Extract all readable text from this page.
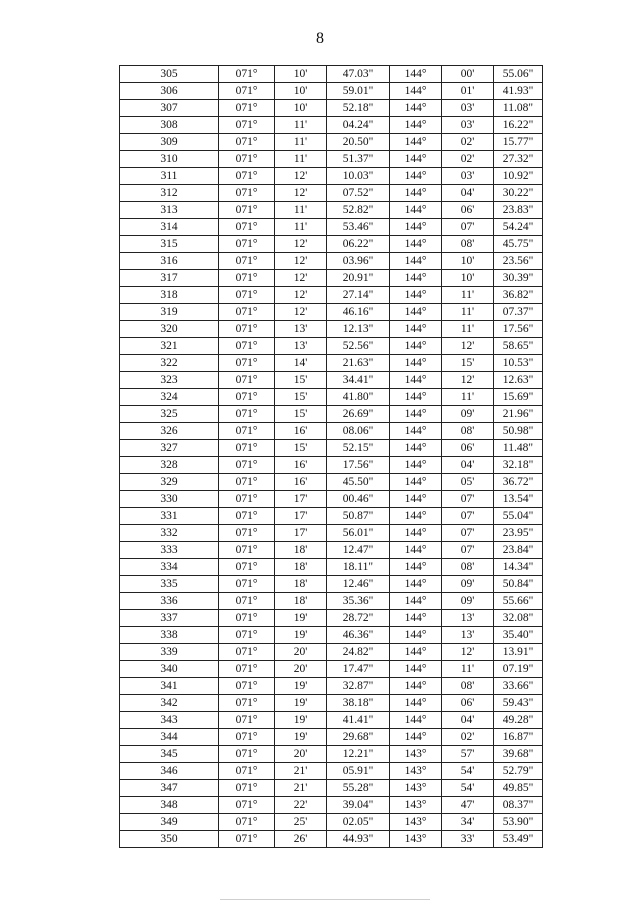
8
305	071°	10'	47.03"	144°	00'	55.06"
306	071°	10'	59.01"	144°	01'	41.93"
307	071°	10'	52.18"	144°	03'	11.08"
308	071°	11'	04.24"	144°	03'	16.22"
309	071°	11'	20.50"	144°	02'	15.77"
310	071°	11'	51.37"	144°	02'	27.32"
311	071°	12'	10.03"	144°	03'	10.92"
312	071°	12'	07.52"	144°	04'	30.22"
313	071°	11'	52.82"	144°	06'	23.83"
314	071°	11'	53.46"	144°	07'	54.24"
315	071°	12'	06.22"	144°	08'	45.75"
316	071°	12'	03.96"	144°	10'	23.56"
317	071°	12'	20.91"	144°	10'	30.39"
318	071°	12'	27.14"	144°	11'	36.82"
319	071°	12'	46.16"	144°	11'	07.37"
320	071°	13'	12.13"	144°	11'	17.56"
321	071°	13'	52.56"	144°	12'	58.65"
322	071°	14'	21.63"	144°	15'	10.53"
323	071°	15'	34.41"	144°	12'	12.63"
324	071°	15'	41.80"	144°	11'	15.69"
325	071°	15'	26.69"	144°	09'	21.96"
326	071°	16'	08.06"	144°	08'	50.98"
327	071°	15'	52.15"	144°	06'	11.48"
328	071°	16'	17.56"	144°	04'	32.18"
329	071°	16'	45.50"	144°	05'	36.72"
330	071°	17'	00.46"	144°	07'	13.54"
331	071°	17'	50.87"	144°	07'	55.04"
332	071°	17'	56.01"	144°	07'	23.95"
333	071°	18'	12.47"	144°	07'	23.84"
334	071°	18'	18.11"	144°	08'	14.34"
335	071°	18'	12.46"	144°	09'	50.84"
336	071°	18'	35.36"	144°	09'	55.66"
337	071°	19'	28.72"	144°	13'	32.08"
338	071°	19'	46.36"	144°	13'	35.40"
339	071°	20'	24.82"	144°	12'	13.91"
340	071°	20'	17.47"	144°	11'	07.19"
341	071°	19'	32.87"	144°	08'	33.66"
342	071°	19'	38.18"	144°	06'	59.43"
343	071°	19'	41.41"	144°	04'	49.28"
344	071°	19'	29.68"	144°	02'	16.87"
345	071°	20'	12.21"	143°	57'	39.68"
346	071°	21'	05.91"	143°	54'	52.79"
347	071°	21'	55.28"	143°	54'	49.85"
348	071°	22'	39.04"	143°	47'	08.37"
349	071°	25'	02.05"	143°	34'	53.90"
350	071°	26'	44.93"	143°	33'	53.49"
